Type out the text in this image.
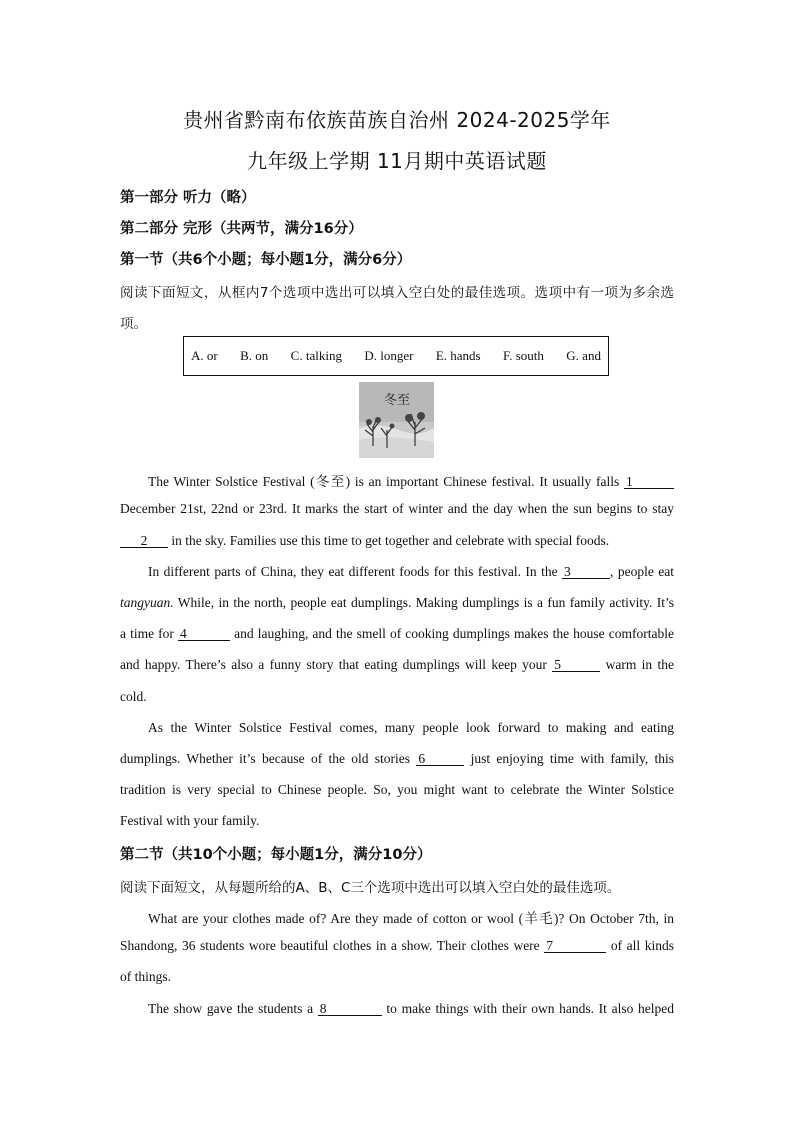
贵州省黔南布依族苗族自治州 2024-2025学年
九年级上学期 11月期中英语试题
第一部分 听力（略）
第二部分 完形（共两节，满分16分）
第一节（共6个小题；每小题1分，满分6分）
阅读下面短文，从框内7个选项中选出可以填入空白处的最佳选项。选项中有一项为多余选
项。
A. or B. on C. talking D. longer E. hands F. south G. and
冬至
The Winter Solstice Festival (冬至) is an important Chinese festival. It usually falls 1
December 21st, 22nd or 23rd. It marks the start of winter and the day when the sun begins to stay
2 in the sky. Families use this time to get together and celebrate with special foods.
In different parts of China, they eat different foods for this festival. In the 3	, people eat
tangyuan. While, in the north, people eat dumplings. Making dumplings is a fun family activity. It’s
a time for 4	and laughing, and the smell of cooking dumplings makes the house comfortable
and happy. There’s also a funny story that eating dumplings will keep your 5	warm in the
cold.
As the Winter Solstice Festival comes, many people look forward to making and eating
dumplings. Whether it’s because of the old stories 6	just enjoying time with family, this
tradition is very special to Chinese people. So, you might want to celebrate the Winter Solstice
Festival with your family.
第二节（共10个小题；每小题1分，满分10分）
阅读下面短文，从每题所给的A、B、C三个选项中选出可以填入空白处的最佳选项。
What are your clothes made of? Are they made of cotton or wool (羊毛)? On October 7th, in
Shandong, 36 students wore beautiful clothes in a show. Their clothes were 7	of all kinds
of things.
The show gave the students a 8	to make things with their own hands. It also helped
